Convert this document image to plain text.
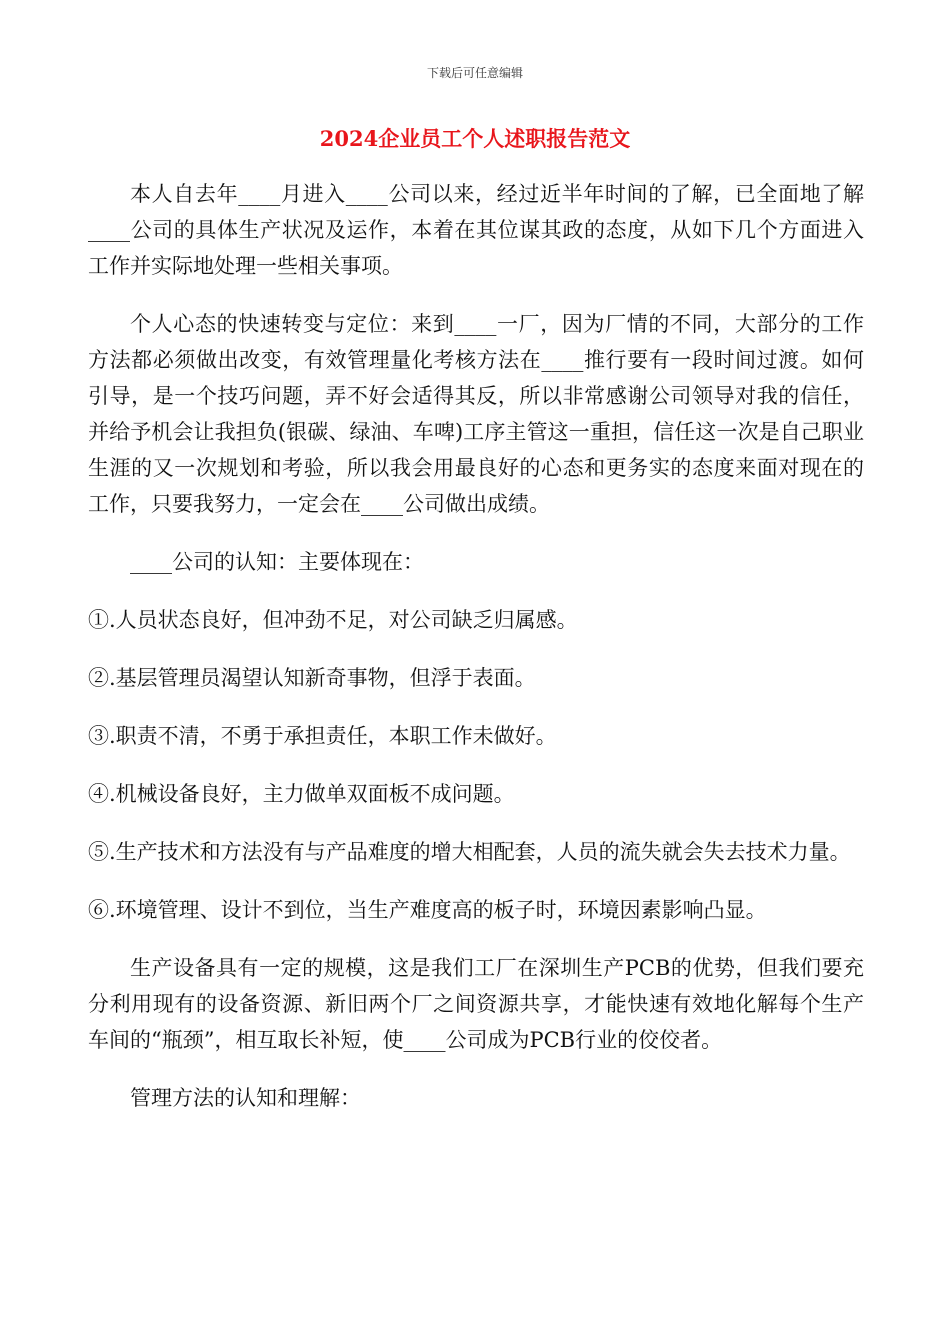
下载后可任意编辑
2024企业员工个人述职报告范文

本人自去年____月进入____公司以来，经过近半年时间的了解，已全面地了解____公司的具体生产状况及运作，本着在其位谋其政的态度，从如下几个方面进入工作并实际地处理一些相关事项。

个人心态的快速转变与定位：来到____一厂，因为厂情的不同，大部分的工作方法都必须做出改变，有效管理量化考核方法在____推行要有一段时间过渡。如何引导，是一个技巧问题，弄不好会适得其反，所以非常感谢公司领导对我的信任，并给予机会让我担负(银碳、绿油、车啤)工序主管这一重担，信任这一次是自己职业生涯的又一次规划和考验，所以我会用最良好的心态和更务实的态度来面对现在的工作，只要我努力，一定会在____公司做出成绩。

____公司的认知：主要体现在：

①.人员状态良好，但冲劲不足，对公司缺乏归属感。

②.基层管理员渴望认知新奇事物，但浮于表面。

③.职责不清，不勇于承担责任，本职工作未做好。

④.机械设备良好，主力做单双面板不成问题。

⑤.生产技术和方法没有与产品难度的增大相配套，人员的流失就会失去技术力量。

⑥.环境管理、设计不到位，当生产难度高的板子时，环境因素影响凸显。

生产设备具有一定的规模，这是我们工厂在深圳生产PCB的优势，但我们要充分利用现有的设备资源、新旧两个厂之间资源共享，才能快速有效地化解每个生产车间的“瓶颈”，相互取长补短，使____公司成为PCB行业的佼佼者。

管理方法的认知和理解：
